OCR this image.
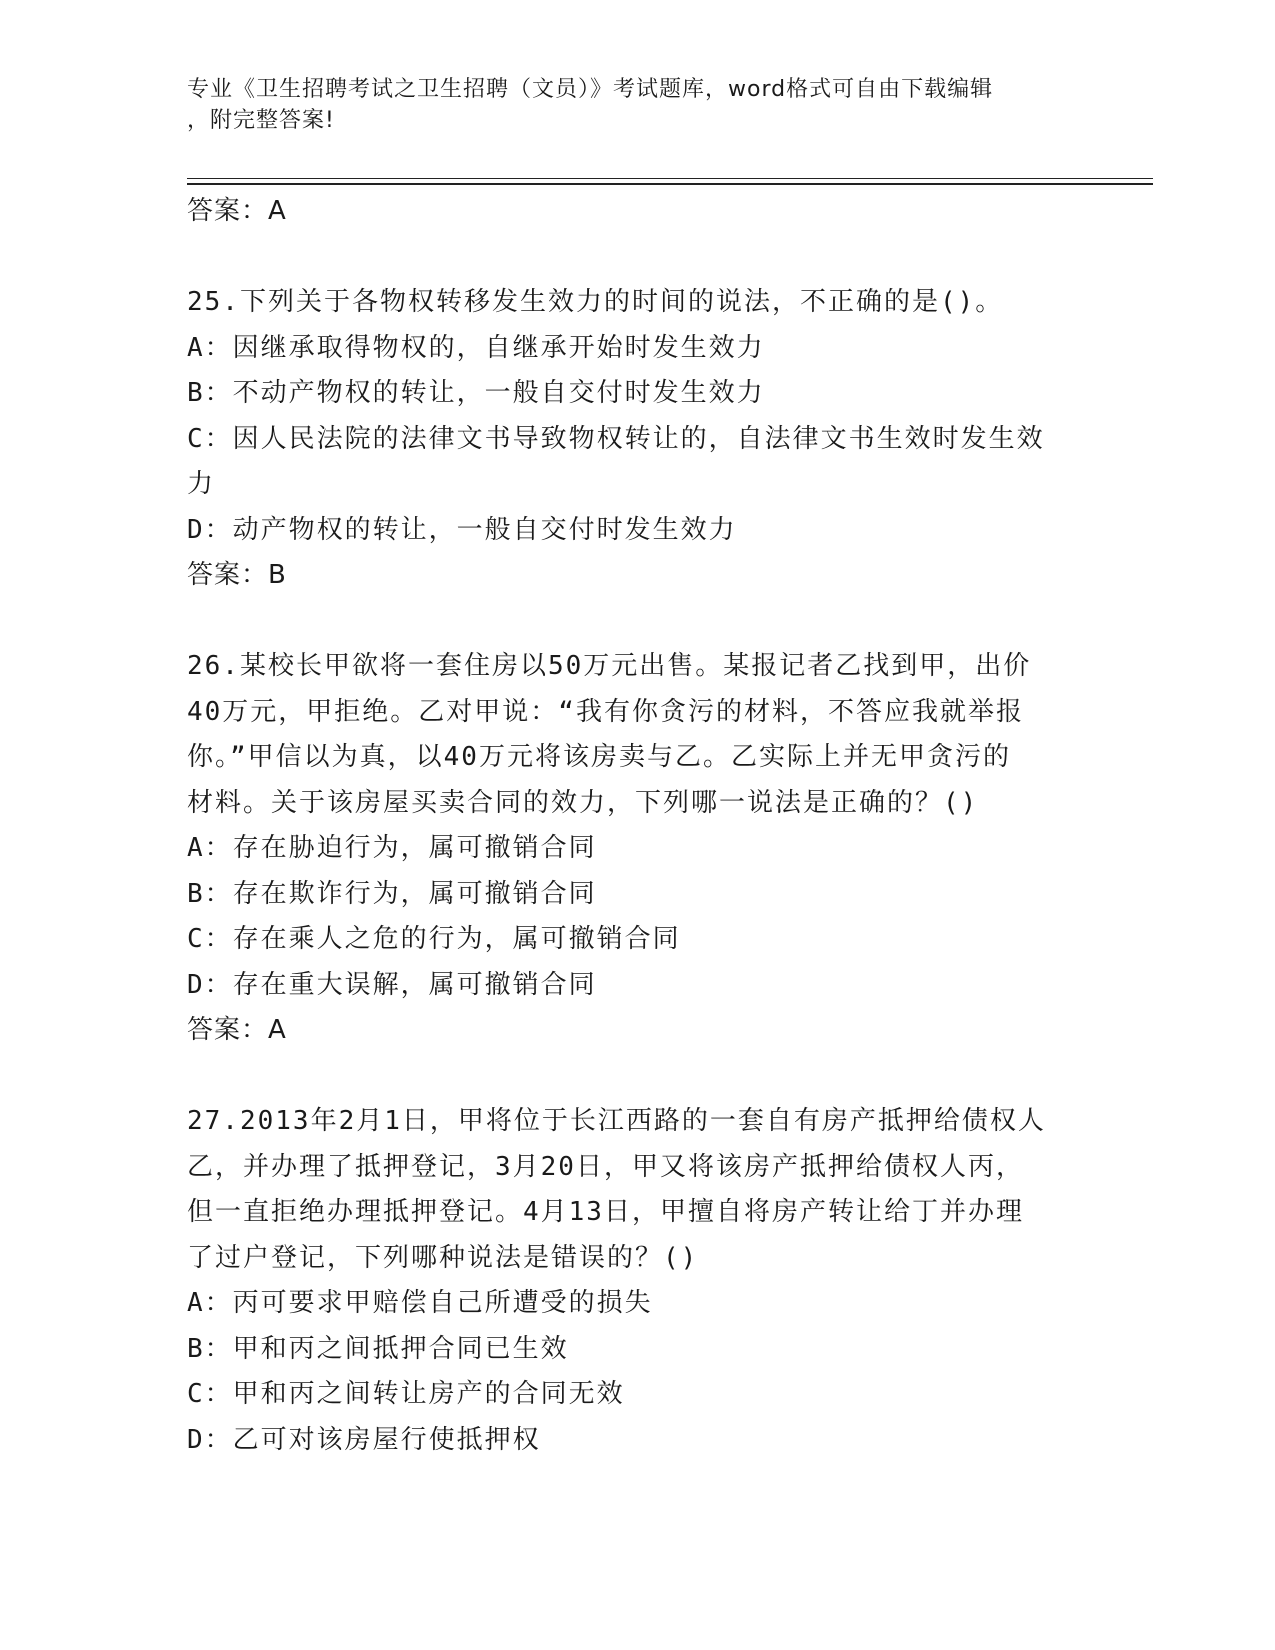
专业《卫生招聘考试之卫生招聘（文员）》考试题库，word格式可自由下载编辑
，附完整答案!
答案：A
25.下列关于各物权转移发生效力的时间的说法，不正确的是()。
A：因继承取得物权的，自继承开始时发生效力
B：不动产物权的转让，一般自交付时发生效力
C：因人民法院的法律文书导致物权转让的，自法律文书生效时发生效
力
D：动产物权的转让，一般自交付时发生效力
答案：B
26.某校长甲欲将一套住房以50万元出售。某报记者乙找到甲，出价
40万元，甲拒绝。乙对甲说：“我有你贪污的材料，不答应我就举报
你。”甲信以为真，以40万元将该房卖与乙。乙实际上并无甲贪污的
材料。关于该房屋买卖合同的效力，下列哪一说法是正确的？()
A：存在胁迫行为，属可撤销合同
B：存在欺诈行为，属可撤销合同
C：存在乘人之危的行为，属可撤销合同
D：存在重大误解，属可撤销合同
答案：A
27.2013年2月1日，甲将位于长江西路的一套自有房产抵押给债权人
乙，并办理了抵押登记，3月20日，甲又将该房产抵押给债权人丙，
但一直拒绝办理抵押登记。4月13日，甲擅自将房产转让给丁并办理
了过户登记，下列哪种说法是错误的？()
A：丙可要求甲赔偿自己所遭受的损失
B：甲和丙之间抵押合同已生效
C：甲和丙之间转让房产的合同无效
D：乙可对该房屋行使抵押权
